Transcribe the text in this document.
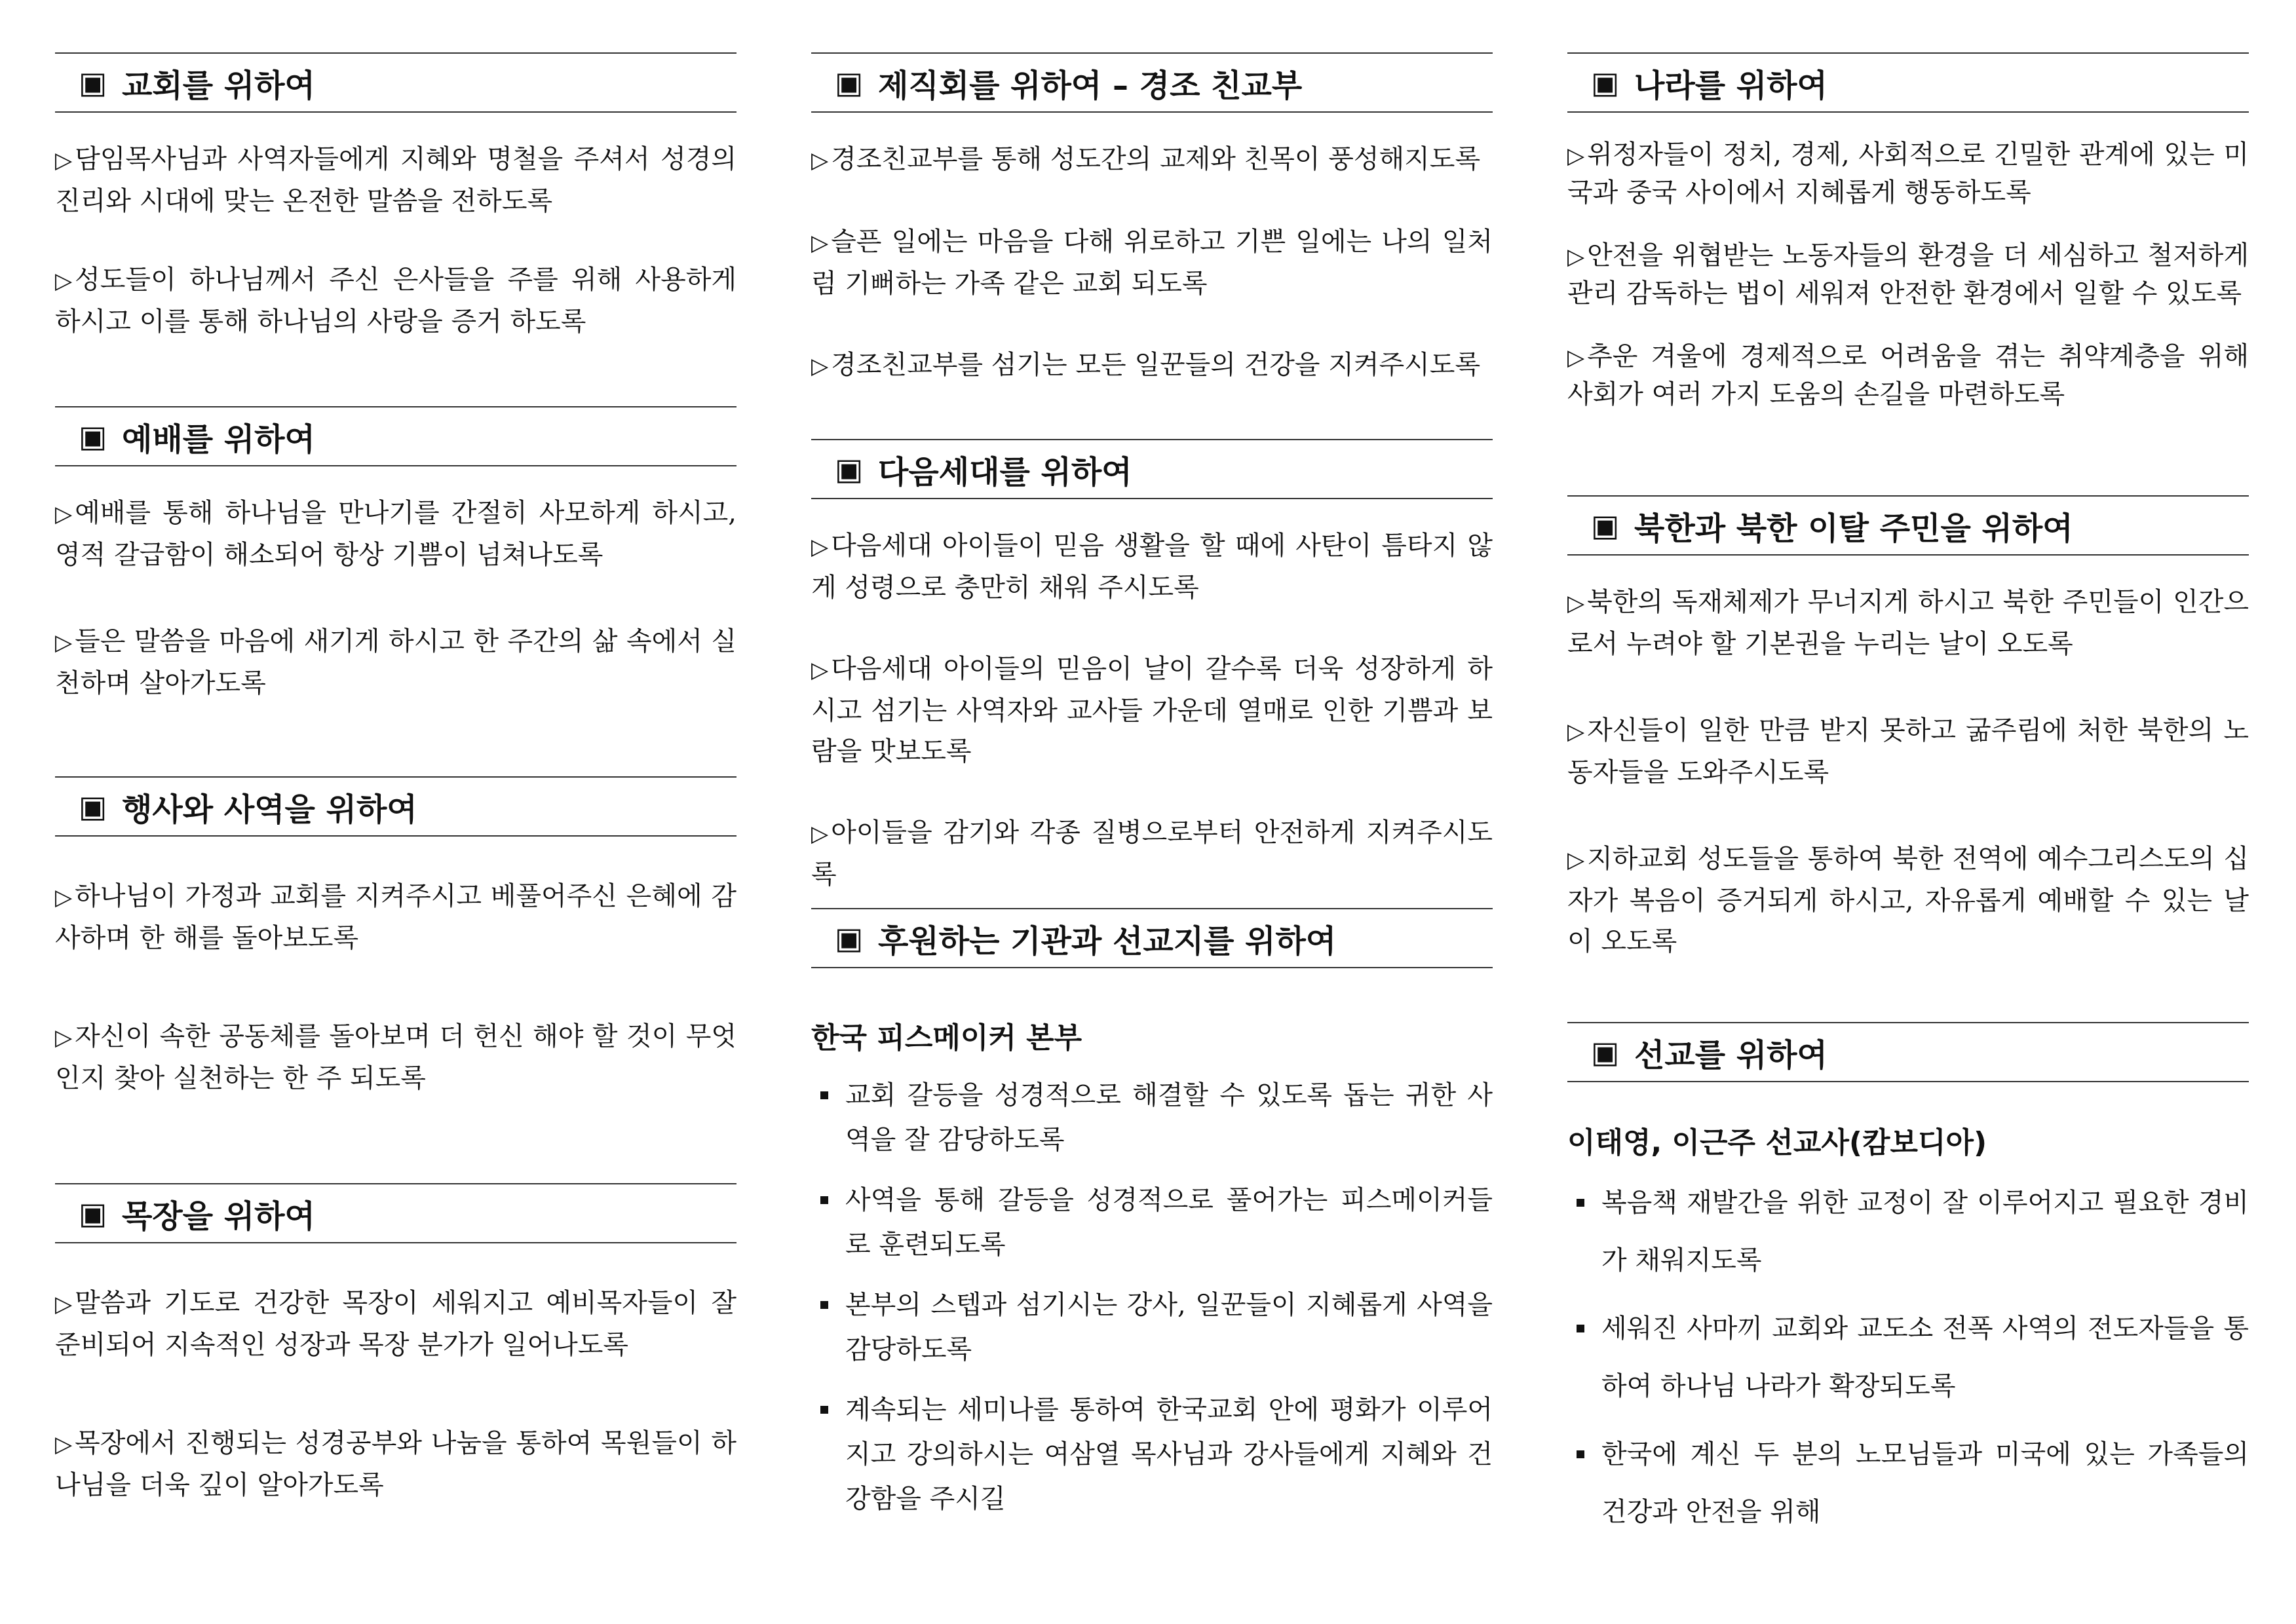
▣ 교회를 위하여

▷ 담임목사님과 사역자들에게 지혜와 명철을 주셔서 성경의 진리와 시대에 맞는 온전한 말씀을 전하도록

▷ 성도들이 하나님께서 주신 은사들을 주를 위해 사용하게 하시고 이를 통해 하나님의 사랑을 증거 하도록

▣ 예배를 위하여

▷ 예배를 통해 하나님을 만나기를 간절히 사모하게 하시고, 영적 갈급함이 해소되어 항상 기쁨이 넘쳐나도록

▷ 들은 말씀을 마음에 새기게 하시고 한 주간의 삶 속에서 실천하며 살아가도록

▣ 행사와 사역을 위하여

▷ 하나님이 가정과 교회를 지켜주시고 베풀어주신 은혜에 감사하며 한 해를 돌아보도록

▷ 자신이 속한 공동체를 돌아보며 더 헌신 해야 할 것이 무엇인지 찾아 실천하는 한 주 되도록

▣ 목장을 위하여

▷ 말씀과 기도로 건강한 목장이 세워지고 예비목자들이 잘 준비되어 지속적인 성장과 목장 분가가 일어나도록

▷ 목장에서 진행되는 성경공부와 나눔을 통하여 목원들이 하나님을 더욱 깊이 알아가도록

▣ 제직회를 위하여 – 경조 친교부

▷ 경조친교부를 통해 성도간의 교제와 친목이 풍성해지도록

▷ 슬픈 일에는 마음을 다해 위로하고 기쁜 일에는 나의 일처럼 기뻐하는 가족 같은 교회 되도록

▷ 경조친교부를 섬기는 모든 일꾼들의 건강을 지켜주시도록

▣ 다음세대를 위하여

▷ 다음세대 아이들이 믿음 생활을 할 때에 사탄이 틈타지 않게 성령으로 충만히 채워 주시도록

▷ 다음세대 아이들의 믿음이 날이 갈수록 더욱 성장하게 하시고 섬기는 사역자와 교사들 가운데 열매로 인한 기쁨과 보람을 맛보도록

▷ 아이들을 감기와 각종 질병으로부터 안전하게 지켜주시도록

▣ 후원하는 기관과 선교지를 위하여

한국 피스메이커 본부

교회 갈등을 성경적으로 해결할 수 있도록 돕는 귀한 사역을 잘 감당하도록
사역을 통해 갈등을 성경적으로 풀어가는 피스메이커들로 훈련되도록
본부의 스텝과 섬기시는 강사, 일꾼들이 지혜롭게 사역을 감당하도록
계속되는 세미나를 통하여 한국교회 안에 평화가 이루어지고 강의하시는 여삼열 목사님과 강사들에게 지혜와 건강함을 주시길
▣ 나라를 위하여

▷ 위정자들이 정치, 경제, 사회적으로 긴밀한 관계에 있는 미국과 중국 사이에서 지혜롭게 행동하도록

▷ 안전을 위협받는 노동자들의 환경을 더 세심하고 철저하게 관리 감독하는 법이 세워져 안전한 환경에서 일할 수 있도록

▷ 추운 겨울에 경제적으로 어려움을 겪는 취약계층을 위해 사회가 여러 가지 도움의 손길을 마련하도록

▣ 북한과 북한 이탈 주민을 위하여

▷ 북한의 독재체제가 무너지게 하시고 북한 주민들이 인간으로서 누려야 할 기본권을 누리는 날이 오도록

▷ 자신들이 일한 만큼 받지 못하고 굶주림에 처한 북한의 노동자들을 도와주시도록

▷ 지하교회 성도들을 통하여 북한 전역에 예수그리스도의 십자가 복음이 증거되게 하시고, 자유롭게 예배할 수 있는 날이 오도록

▣ 선교를 위하여

이태영, 이근주 선교사(캄보디아)

복음책 재발간을 위한 교정이 잘 이루어지고 필요한 경비가 채워지도록
세워진 사마끼 교회와 교도소 전폭 사역의 전도자들을 통하여 하나님 나라가 확장되도록
한국에 계신 두 분의 노모님들과 미국에 있는 가족들의 건강과 안전을 위해
